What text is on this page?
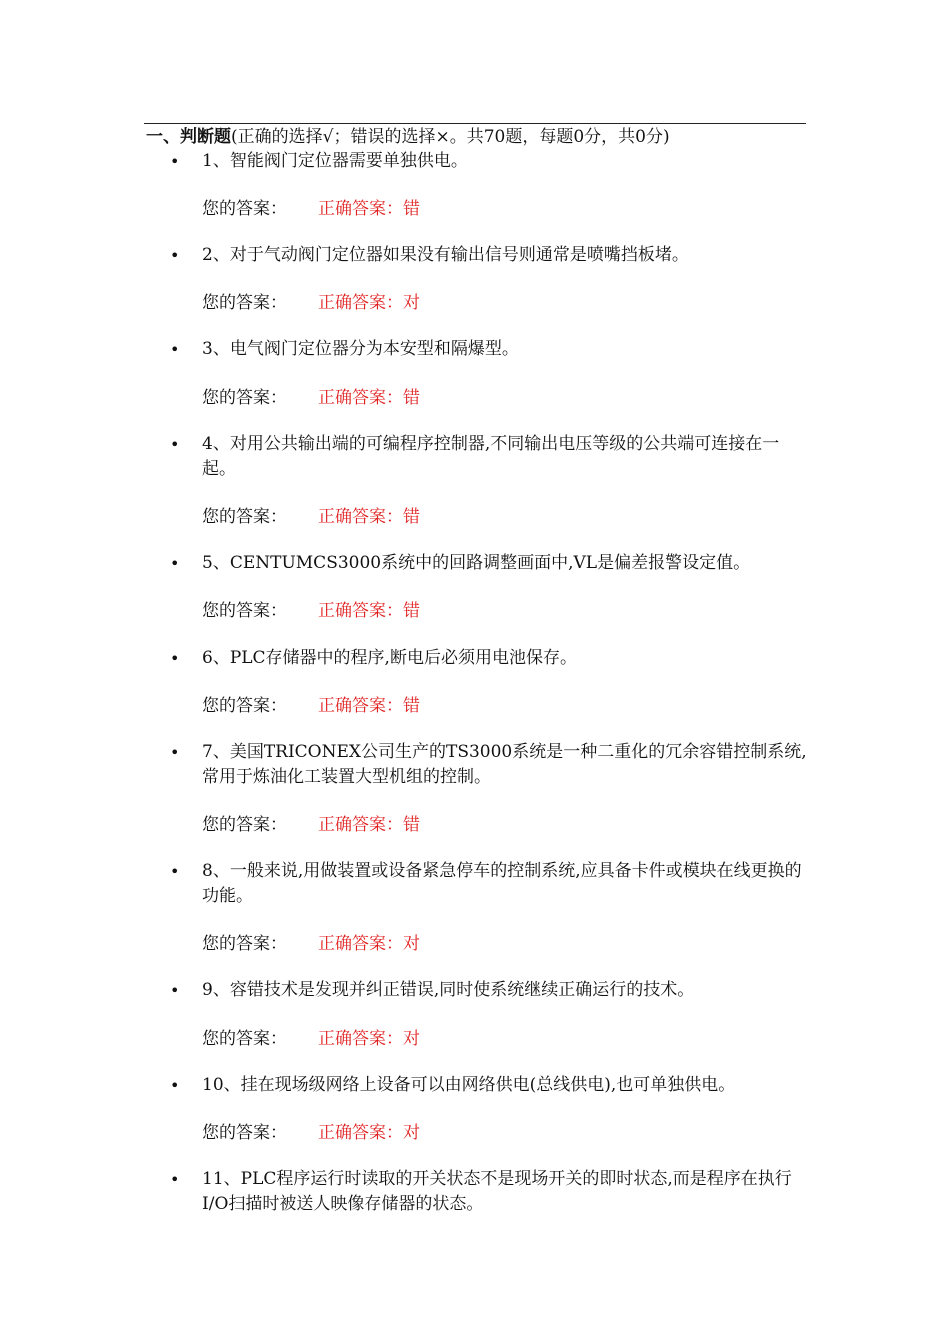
一、判断题(正确的选择√；错误的选择×。共70题，每题0分，共0分)
• 1、智能阀门定位器需要单独供电。
您的答案： 正确答案：错
• 2、对于气动阀门定位器如果没有输出信号则通常是喷嘴挡板堵。
您的答案： 正确答案：对
• 3、电气阀门定位器分为本安型和隔爆型。
您的答案： 正确答案：错
• 4、对用公共输出端的可编程序控制器,不同输出电压等级的公共端可连接在一起。
您的答案： 正确答案：错
• 5、CENTUMCS3000系统中的回路调整画面中,VL是偏差报警设定值。
您的答案： 正确答案：错
• 6、PLC存储器中的程序,断电后必须用电池保存。
您的答案： 正确答案：错
• 7、美国TRICONEX公司生产的TS3000系统是一种二重化的冗余容错控制系统,常用于炼油化工装置大型机组的控制。
您的答案： 正确答案：错
• 8、一般来说,用做装置或设备紧急停车的控制系统,应具备卡件或模块在线更换的功能。
您的答案： 正确答案：对
• 9、容错技术是发现并纠正错误,同时使系统继续正确运行的技术。
您的答案： 正确答案：对
• 10、挂在现场级网络上设备可以由网络供电(总线供电),也可单独供电。
您的答案： 正确答案：对
• 11、PLC程序运行时读取的开关状态不是现场开关的即时状态,而是程序在执行I/O扫描时被送人映像存储器的状态。
